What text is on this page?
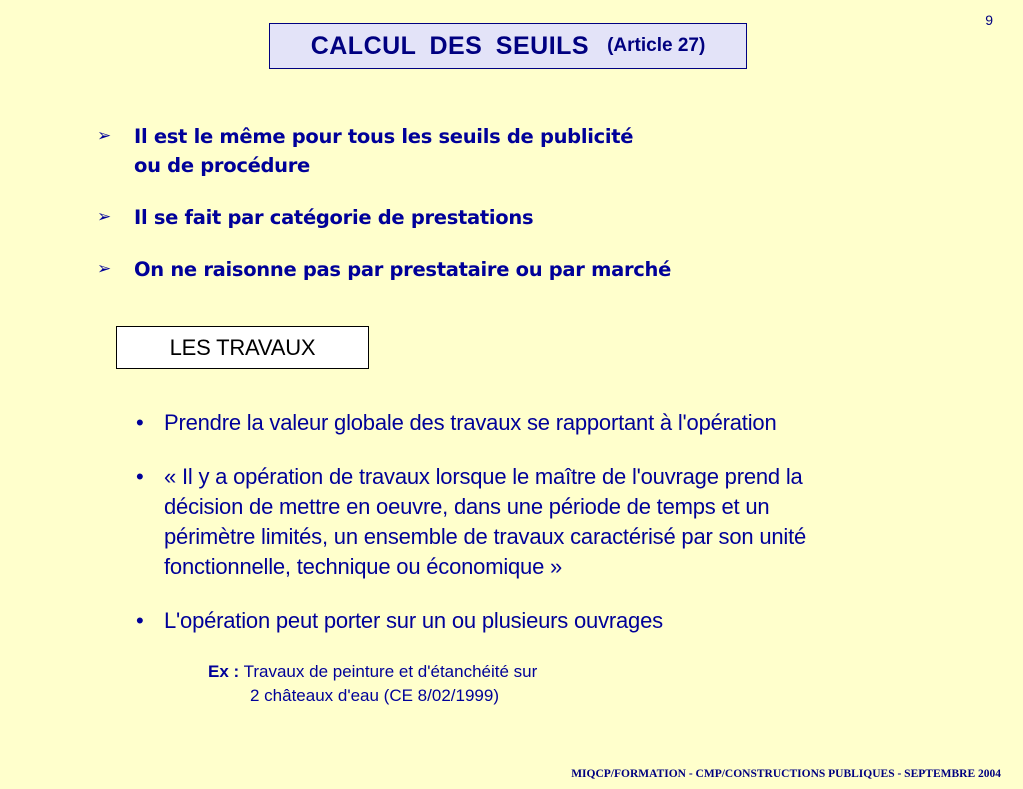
9
CALCUL DES SEUILS (Article 27)
➢ Il est le même pour tous les seuils de publicité
ou de procédure
➢ Il se fait par catégorie de prestations
➢ On ne raisonne pas par prestataire ou par marché
LES TRAVAUX
• Prendre la valeur globale des travaux se rapportant à l'opération
• « Il y a opération de travaux lorsque le maître de l'ouvrage prend la
décision de mettre en oeuvre, dans une période de temps et un
périmètre limités, un ensemble de travaux caractérisé par son unité
fonctionnelle, technique ou économique »
• L'opération peut porter sur un ou plusieurs ouvrages
Ex : Travaux de peinture et d'étanchéité sur
2 châteaux d'eau (CE 8/02/1999)
MIQCP/FORMATION - CMP/CONSTRUCTIONS PUBLIQUES - SEPTEMBRE 2004
